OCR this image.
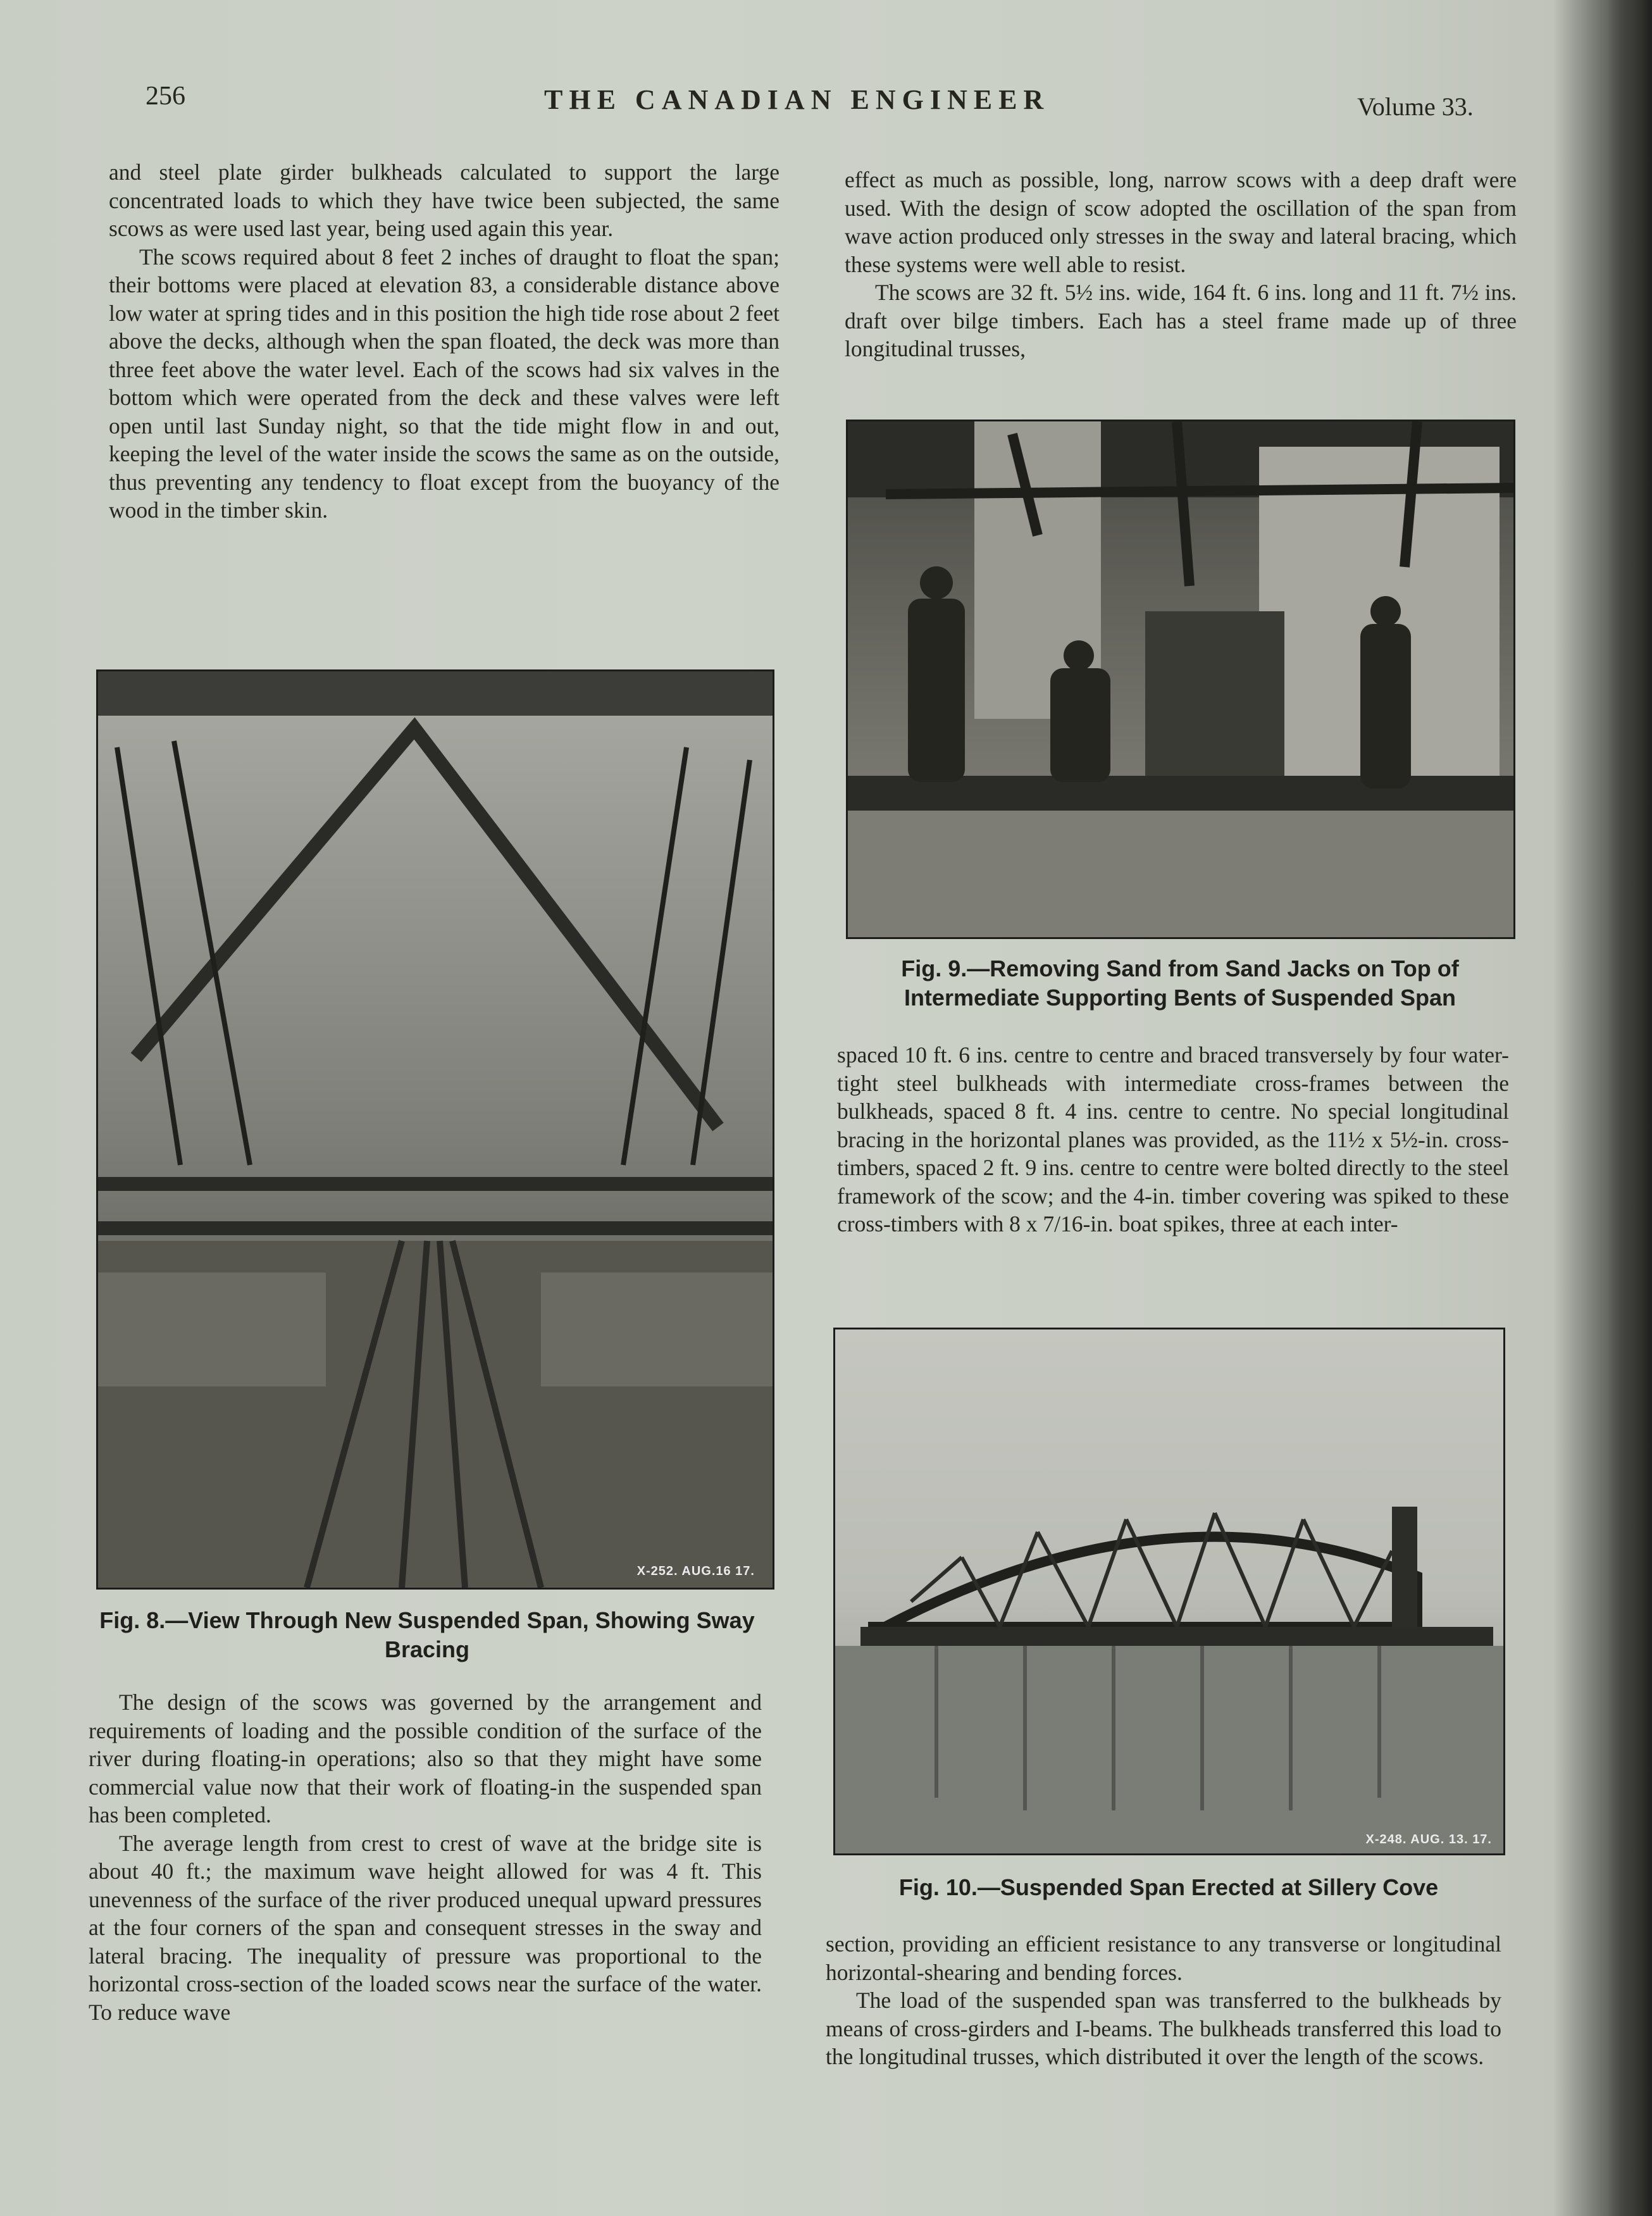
256	THE CANADIAN ENGINEER	Volume 33.

and steel plate girder bulkheads calculated to support the large concentrated loads to which they have twice been subjected, the same scows as were used last year, being used again this year.

The scows required about 8 feet 2 inches of draught to float the span; their bottoms were placed at elevation 83, a considerable distance above low water at spring tides and in this position the high tide rose about 2 feet above the decks, although when the span floated, the deck was more than three feet above the water level. Each of the scows had six valves in the bottom which were operated from the deck and these valves were left open until last Sunday night, so that the tide might flow in and out, keeping the level of the water inside the scows the same as on the outside, thus preventing any tendency to float except from the buoyancy of the wood in the timber skin.

effect as much as possible, long, narrow scows with a deep draft were used. With the design of scow adopted the oscillation of the span from wave action produced only stresses in the sway and lateral bracing, which these systems were well able to resist.

The scows are 32 ft. 5½ ins. wide, 164 ft. 6 ins. long and 11 ft. 7½ ins. draft over bilge timbers. Each has a steel frame made up of three longitudinal trusses,

Fig. 9.—Removing Sand from Sand Jacks on Top of Intermediate Supporting Bents of Suspended Span

spaced 10 ft. 6 ins. centre to centre and braced transversely by four water-tight steel bulkheads with intermediate cross-frames between the bulkheads, spaced 8 ft. 4 ins. centre to centre. No special longitudinal bracing in the horizontal planes was provided, as the 11½ x 5½-in. cross-timbers, spaced 2 ft. 9 ins. centre to centre were bolted directly to the steel framework of the scow; and the 4-in. timber covering was spiked to these cross-timbers with 8 x 7/16-in. boat spikes, three at each inter-

X-252. AUG.16 17.
Fig. 8.—View Through New Suspended Span, Showing Sway Bracing

The design of the scows was governed by the arrangement and requirements of loading and the possible condition of the surface of the river during floating-in operations; also so that they might have some commercial value now that their work of floating-in the suspended span has been completed.

The average length from crest to crest of wave at the bridge site is about 40 ft.; the maximum wave height allowed for was 4 ft. This unevenness of the surface of the river produced unequal upward pressures at the four corners of the span and consequent stresses in the sway and lateral bracing. The inequality of pressure was proportional to the horizontal cross-section of the loaded scows near the surface of the water. To reduce wave

X-248. AUG. 13. 17.
Fig. 10.—Suspended Span Erected at Sillery Cove

section, providing an efficient resistance to any transverse or longitudinal horizontal-shearing and bending forces.

The load of the suspended span was transferred to the bulkheads by means of cross-girders and I-beams. The bulkheads transferred this load to the longitudinal trusses, which distributed it over the length of the scows.
